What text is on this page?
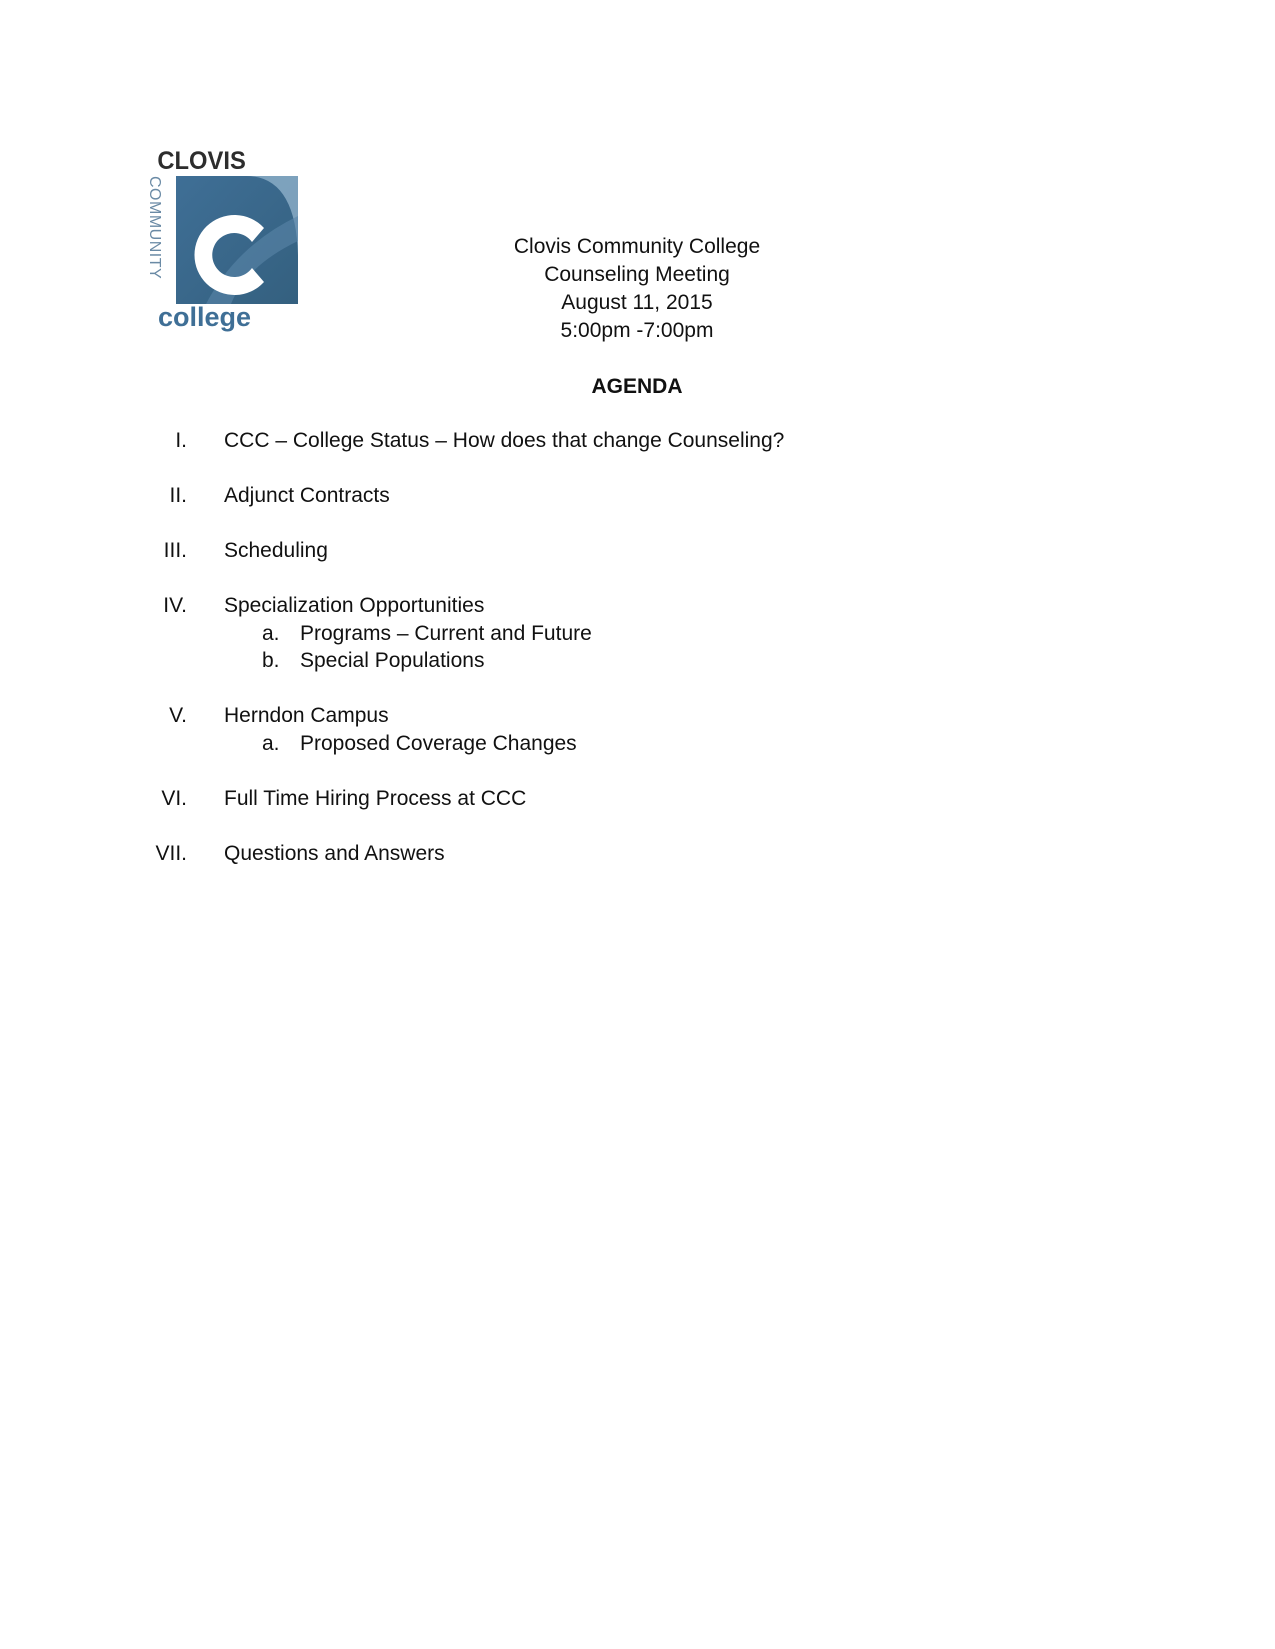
CLOVIS
COMMUNITY
college
Clovis Community College
Counseling Meeting
August 11, 2015
5:00pm -7:00pm
AGENDA
I. CCC – College Status – How does that change Counseling?
II. Adjunct Contracts
III. Scheduling
IV. Specialization Opportunities
a. Programs – Current and Future
b. Special Populations
V. Herndon Campus
a. Proposed Coverage Changes
VI. Full Time Hiring Process at CCC
VII. Questions and Answers
